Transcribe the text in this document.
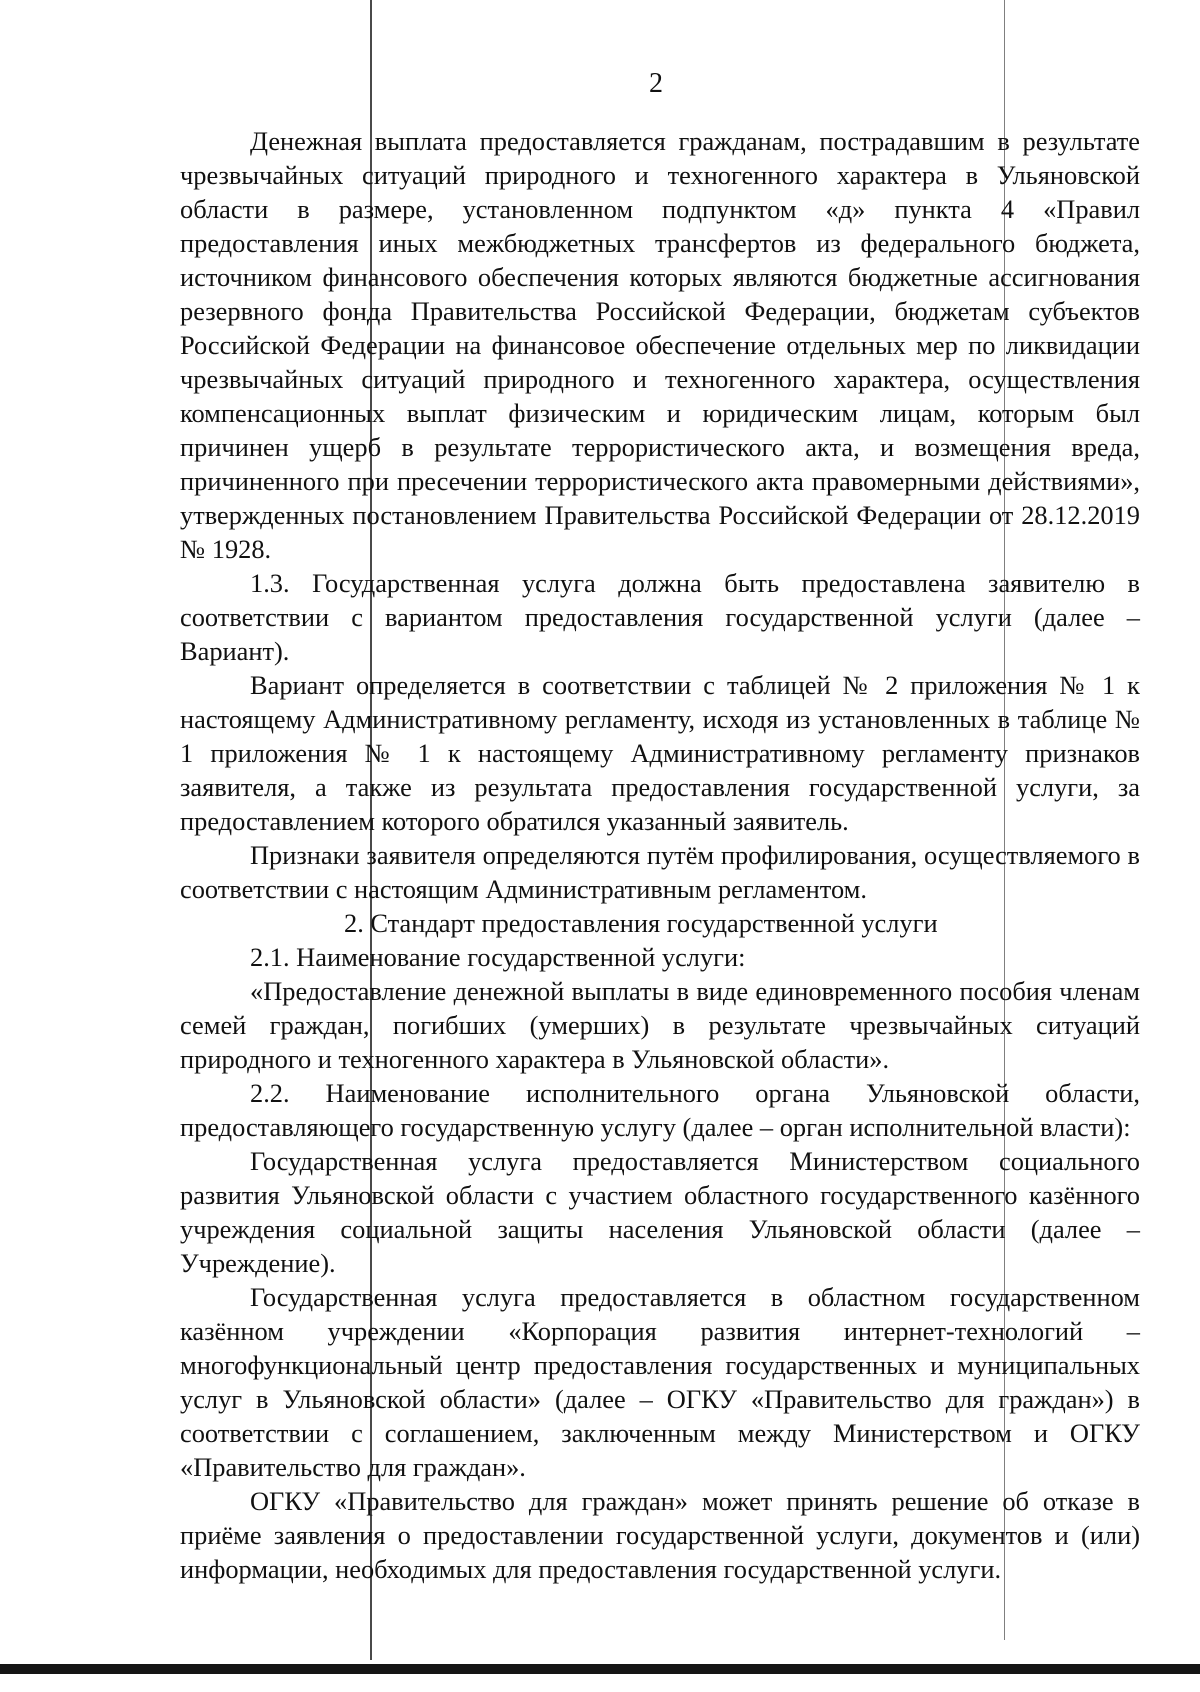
2

Денежная выплата предоставляется гражданам, пострадавшим в результате чрезвычайных ситуаций природного и техногенного характера в Ульяновской области в размере, установленном подпунктом «д» пункта 4 «Правил предоставления иных межбюджетных трансфертов из федерального бюджета, источником финансового обеспечения которых являются бюджетные ассигнования резервного фонда Правительства Российской Федерации, бюджетам субъектов Российской Федерации на финансовое обеспечение отдельных мер по ликвидации чрезвычайных ситуаций природного и техногенного характера, осуществления компенсационных выплат физическим и юридическим лицам, которым был причинен ущерб в результате террористического акта, и возмещения вреда, причиненного при пресечении террористического акта правомерными действиями», утвержденных постановлением Правительства Российской Федерации от 28.12.2019 № 1928.

1.3. Государственная услуга должна быть предоставлена заявителю в соответствии с вариантом предоставления государственной услуги (далее – Вариант).

Вариант определяется в соответствии с таблицей № 2 приложения № 1 к настоящему Административному регламенту, исходя из установленных в таблице № 1 приложения № 1 к настоящему Административному регламенту признаков заявителя, а также из результата предоставления государственной услуги, за предоставлением которого обратился указанный заявитель.

Признаки заявителя определяются путём профилирования, осуществляемого в соответствии с настоящим Административным регламентом.

2. Стандарт предоставления государственной услуги

2.1. Наименование государственной услуги:

«Предоставление денежной выплаты в виде единовременного пособия членам семей граждан, погибших (умерших) в результате чрезвычайных ситуаций природного и техногенного характера в Ульяновской области».

2.2. Наименование исполнительного органа Ульяновской области, предоставляющего государственную услугу (далее – орган исполнительной власти):

Государственная услуга предоставляется Министерством социального развития Ульяновской области с участием областного государственного казённого учреждения социальной защиты населения Ульяновской области (далее – Учреждение).

Государственная услуга предоставляется в областном государственном казённом учреждении «Корпорация развития интернет-технологий – многофункциональный центр предоставления государственных и муниципальных услуг в Ульяновской области» (далее – ОГКУ «Правительство для граждан») в соответствии с соглашением, заключенным между Министерством и ОГКУ «Правительство для граждан».

ОГКУ «Правительство для граждан» может принять решение об отказе в приёме заявления о предоставлении государственной услуги, документов и (или) информации, необходимых для предоставления государственной услуги.
